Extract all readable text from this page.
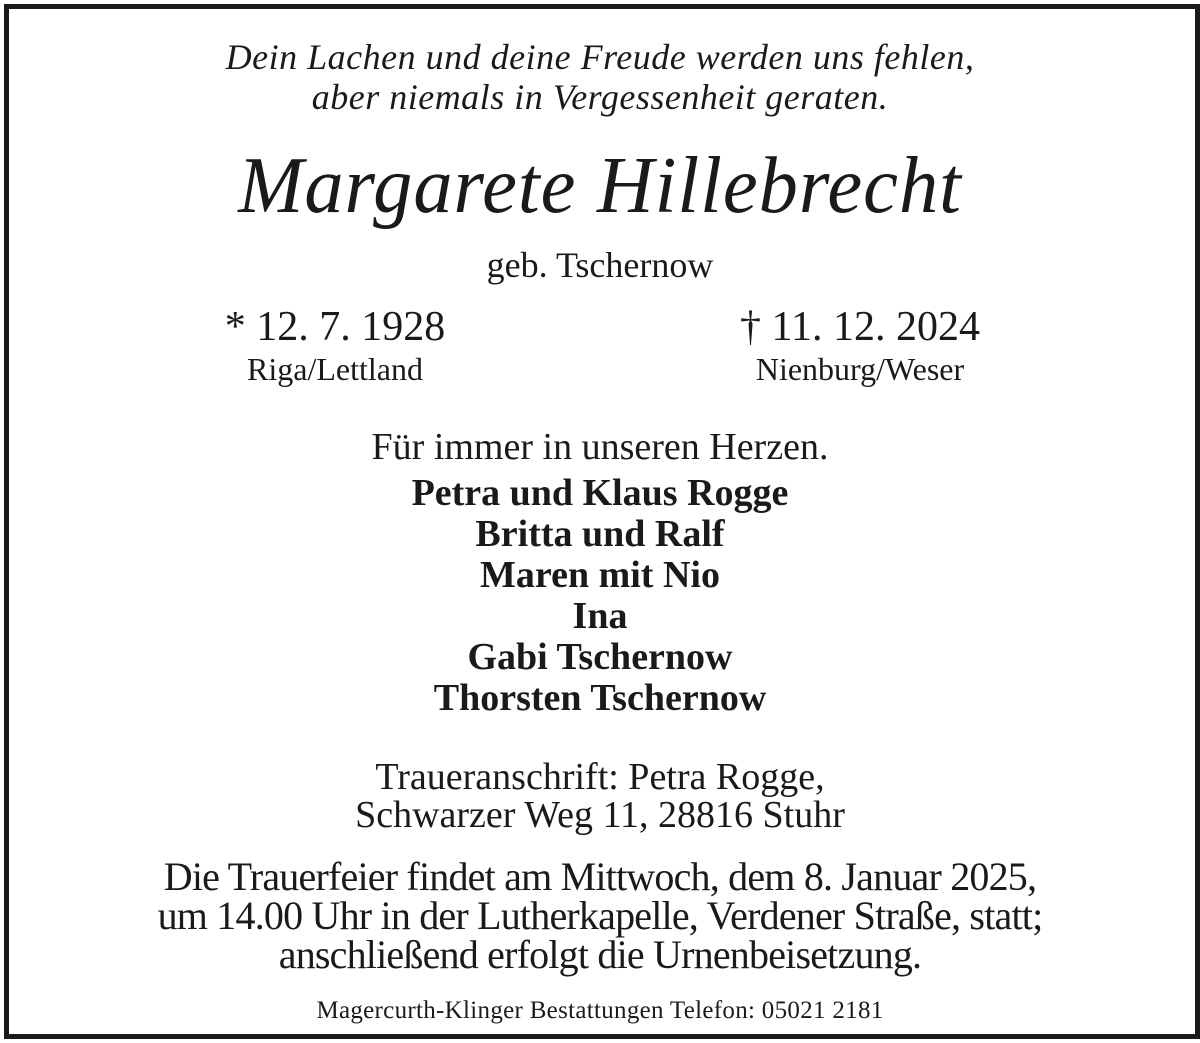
Dein Lachen und deine Freude werden uns fehlen,
aber niemals in Vergessenheit geraten.
Margarete Hillebrecht
geb. Tschernow
* 12. 7. 1928
Riga/Lettland
† 11. 12. 2024
Nienburg/Weser
Für immer in unseren Herzen.
Petra und Klaus Rogge
Britta und Ralf
Maren mit Nio
Ina
Gabi Tschernow
Thorsten Tschernow
Traueranschrift: Petra Rogge,
Schwarzer Weg 11, 28816 Stuhr
Die Trauerfeier findet am Mittwoch, dem 8. Januar 2025,
um 14.00 Uhr in der Lutherkapelle, Verdener Straße, statt;
anschließend erfolgt die Urnenbeisetzung.
Magercurth-Klinger Bestattungen Telefon: 05021 2181
